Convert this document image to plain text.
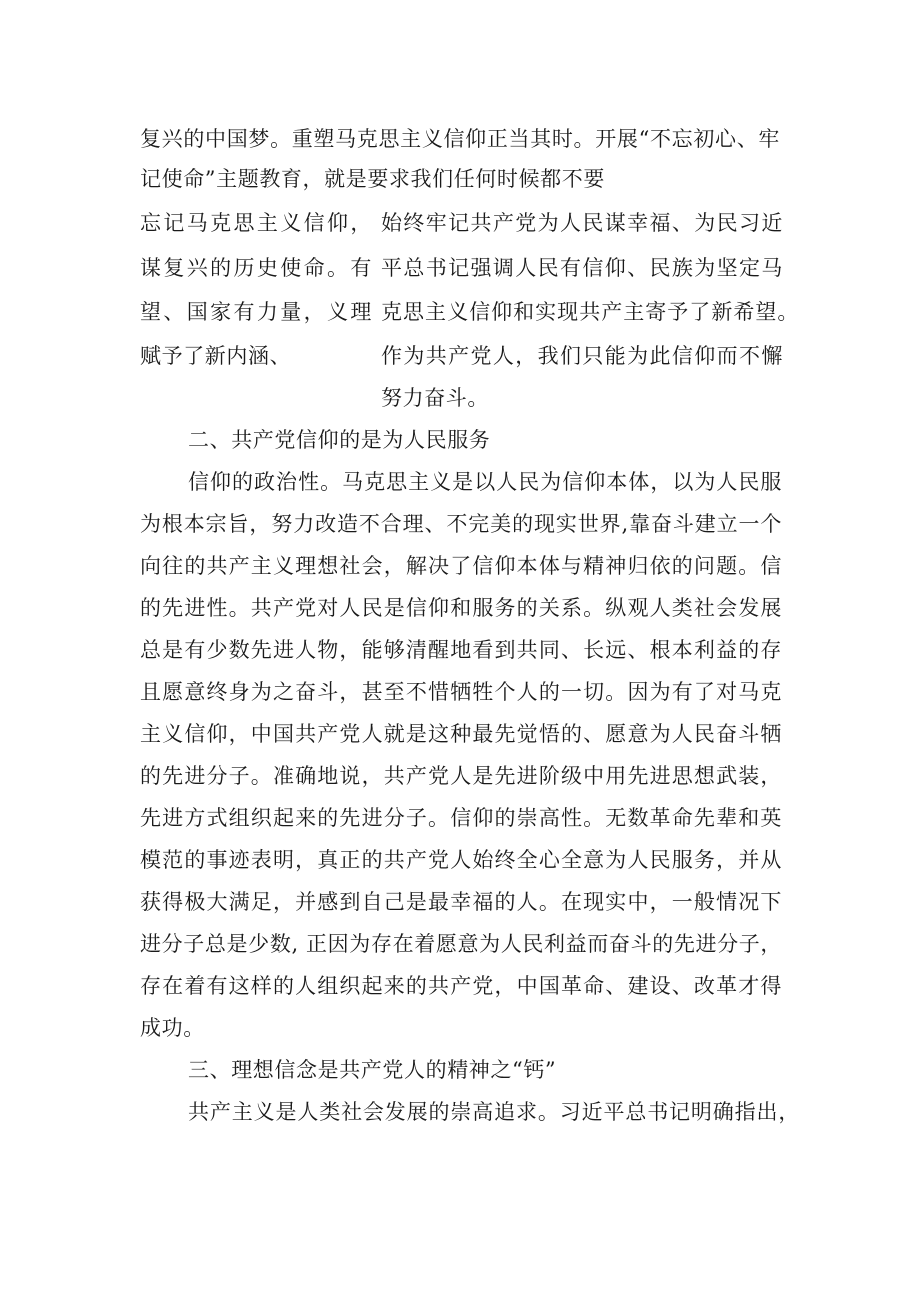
复兴的中国梦。重塑马克思主义信仰正当其时。开展“不忘初心、牢
记使命”主题教育，就是要求我们任何时候都不要
忘记马克思主义信仰，
谋复兴的历史使命。有
望、国家有力量，义理
赋予了新内涵、
始终牢记共产党为人民谋幸福、为民习近
平总书记强调人民有信仰、民族为坚定马
克思主义信仰和实现共产主寄予了新希望。
作为共产党人，我们只能为此信仰而不懈
努力奋斗。
二、共产党信仰的是为人民服务
信仰的政治性。马克思主义是以人民为信仰本体，以为人民服
为根本宗旨，努力改造不合理、不完美的现实世界,靠奋斗建立一个
向往的共产主义理想社会，解决了信仰本体与精神归依的问题。信
的先进性。共产党对人民是信仰和服务的关系。纵观人类社会发展
总是有少数先进人物，能够清醒地看到共同、长远、根本利益的存
且愿意终身为之奋斗，甚至不惜牺牲个人的一切。因为有了对马克
主义信仰，中国共产党人就是这种最先觉悟的、愿意为人民奋斗牺
的先进分子。准确地说，共产党人是先进阶级中用先进思想武装，
先进方式组织起来的先进分子。信仰的崇高性。无数革命先辈和英
模范的事迹表明，真正的共产党人始终全心全意为人民服务，并从
获得极大满足，并感到自己是最幸福的人。在现实中，一般情况下
进分子总是少数, 正因为存在着愿意为人民利益而奋斗的先进分子，
存在着有这样的人组织起来的共产党，中国革命、建设、改革才得
成功。
三、理想信念是共产党人的精神之“钙”
共产主义是人类社会发展的崇高追求。习近平总书记明确指出，
